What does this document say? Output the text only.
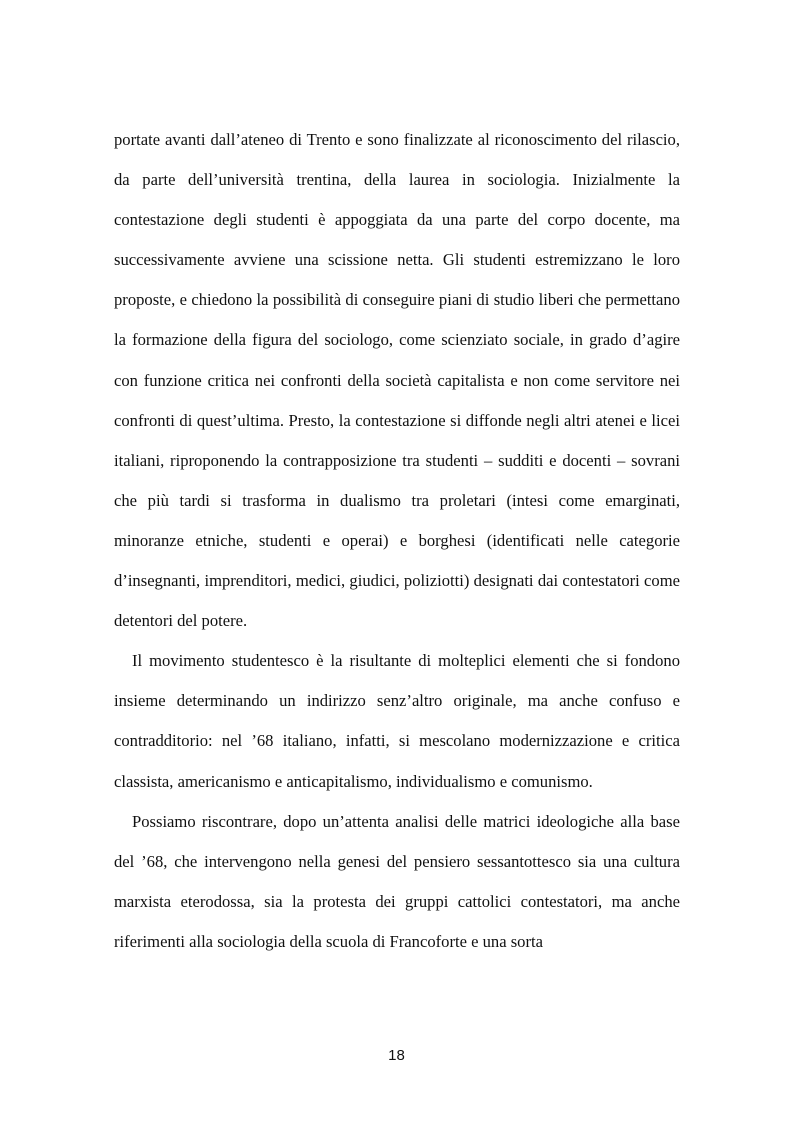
portate avanti dall’ateneo di Trento e sono finalizzate al riconoscimento del rilascio, da parte dell’università trentina, della laurea in sociologia. Inizialmente la contestazione degli studenti è appoggiata da una parte del corpo docente, ma successivamente avviene una scissione netta. Gli studenti estremizzano le loro proposte, e chiedono la possibilità di conseguire piani di studio liberi che permettano la formazione della figura del sociologo, come scienziato sociale, in grado d’agire con funzione critica nei confronti della società capitalista e non come servitore nei confronti di quest’ultima. Presto, la contestazione si diffonde negli altri atenei e licei italiani, riproponendo la contrapposizione tra studenti – sudditi e docenti – sovrani che più tardi si trasforma in dualismo tra proletari (intesi come emarginati, minoranze etniche, studenti e operai) e borghesi (identificati nelle categorie d’insegnanti, imprenditori, medici, giudici, poliziotti) designati dai contestatori come detentori del potere.

Il movimento studentesco è la risultante di molteplici elementi che si fondono insieme determinando un indirizzo senz’altro originale, ma anche confuso e contradditorio: nel ’68 italiano, infatti, si mescolano modernizzazione e critica classista, americanismo e anticapitalismo, individualismo e comunismo.

Possiamo riscontrare, dopo un’attenta analisi delle matrici ideologiche alla base del ’68, che intervengono nella genesi del pensiero sessantottesco sia una cultura marxista eterodossa, sia la protesta dei gruppi cattolici contestatori, ma anche riferimenti alla sociologia della scuola di Francoforte e una sorta

18
